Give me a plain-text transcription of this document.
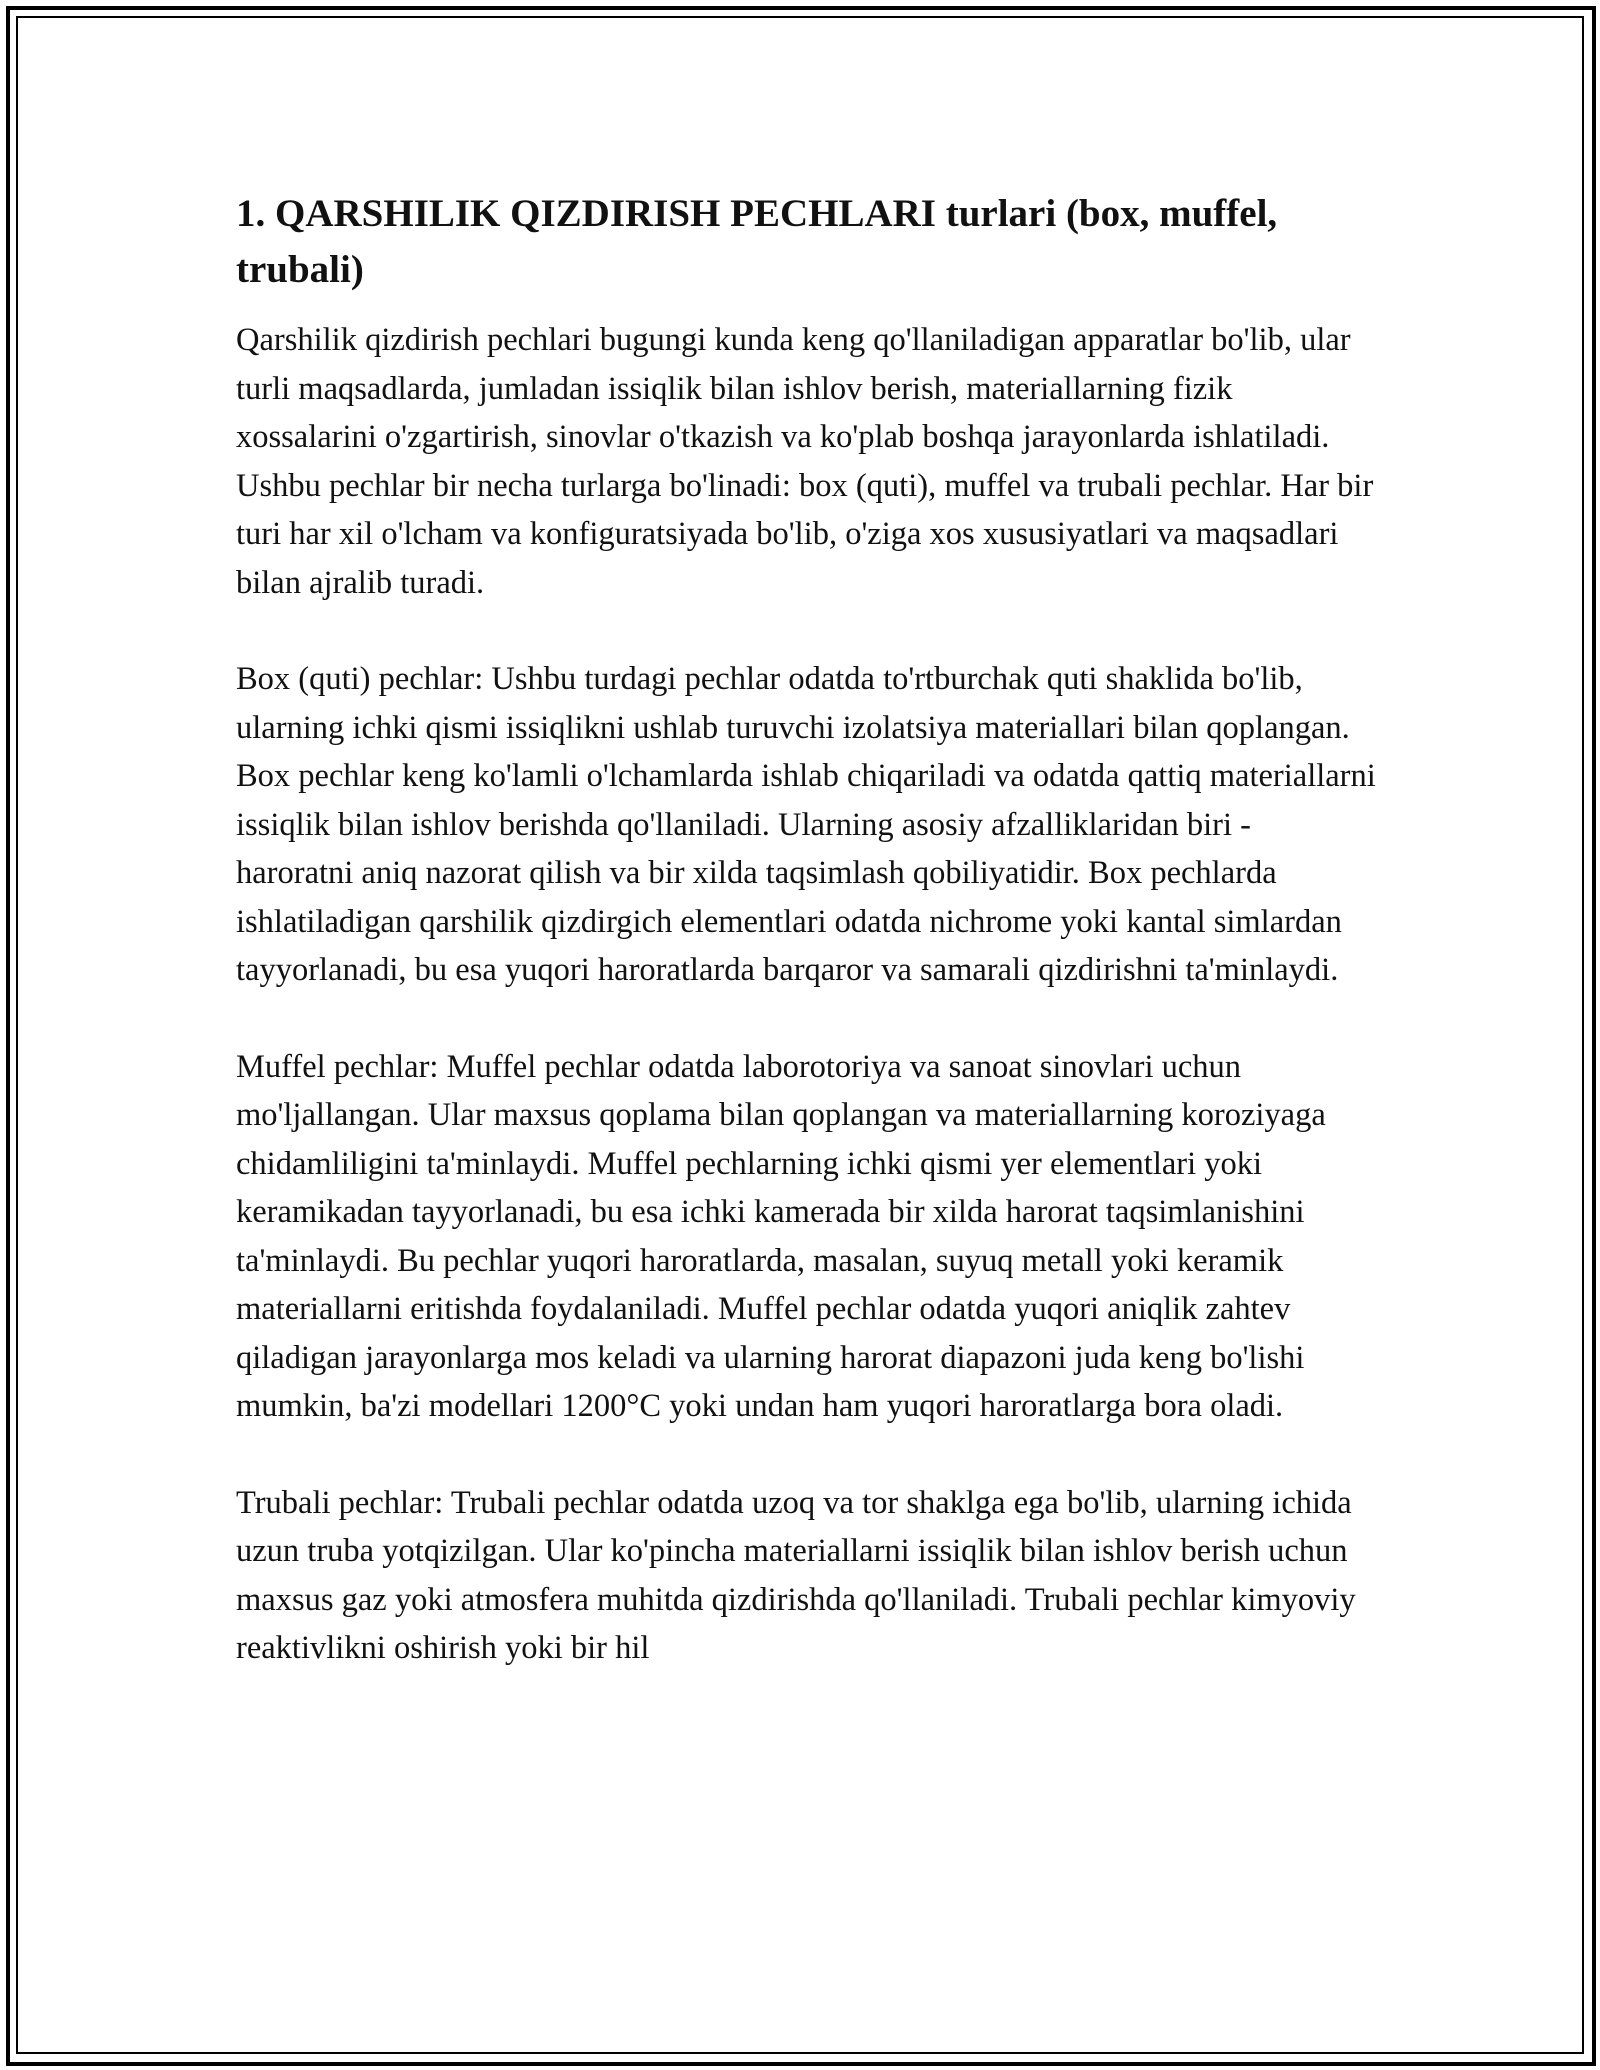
1. QARSHILIK QIZDIRISH PECHLARI turlari (box, muffel, trubali)

Qarshilik qizdirish pechlari bugungi kunda keng qo'llaniladigan apparatlar bo'lib, ular turli maqsadlarda, jumladan issiqlik bilan ishlov berish, materiallarning fizik xossalarini o'zgartirish, sinovlar o'tkazish va ko'plab boshqa jarayonlarda ishlatiladi. Ushbu pechlar bir necha turlarga bo'linadi: box (quti), muffel va trubali pechlar. Har bir turi har xil o'lcham va konfiguratsiyada bo'lib, o'ziga xos xususiyatlari va maqsadlari bilan ajralib turadi.

Box (quti) pechlar: Ushbu turdagi pechlar odatda to'rtburchak quti shaklida bo'lib, ularning ichki qismi issiqlikni ushlab turuvchi izolatsiya materiallari bilan qoplangan. Box pechlar keng ko'lamli o'lchamlarda ishlab chiqariladi va odatda qattiq materiallarni issiqlik bilan ishlov berishda qo'llaniladi. Ularning asosiy afzalliklaridan biri - haroratni aniq nazorat qilish va bir xilda taqsimlash qobiliyatidir. Box pechlarda ishlatiladigan qarshilik qizdirgich elementlari odatda nichrome yoki kantal simlardan tayyorlanadi, bu esa yuqori haroratlarda barqaror va samarali qizdirishni ta'minlaydi.

Muffel pechlar: Muffel pechlar odatda laborotoriya va sanoat sinovlari uchun mo'ljallangan. Ular maxsus qoplama bilan qoplangan va materiallarning koroziyaga chidamliligini ta'minlaydi. Muffel pechlarning ichki qismi yer elementlari yoki keramikadan tayyorlanadi, bu esa ichki kamerada bir xilda harorat taqsimlanishini ta'minlaydi. Bu pechlar yuqori haroratlarda, masalan, suyuq metall yoki keramik materiallarni eritishda foydalaniladi. Muffel pechlar odatda yuqori aniqlik zahtev qiladigan jarayonlarga mos keladi va ularning harorat diapazoni juda keng bo'lishi mumkin, ba'zi modellari 1200°C yoki undan ham yuqori haroratlarga bora oladi.

Trubali pechlar: Trubali pechlar odatda uzoq va tor shaklga ega bo'lib, ularning ichida uzun truba yotqizilgan. Ular ko'pincha materiallarni issiqlik bilan ishlov berish uchun maxsus gaz yoki atmosfera muhitda qizdirishda qo'llaniladi. Trubali pechlar kimyoviy reaktivlikni oshirish yoki bir hil
